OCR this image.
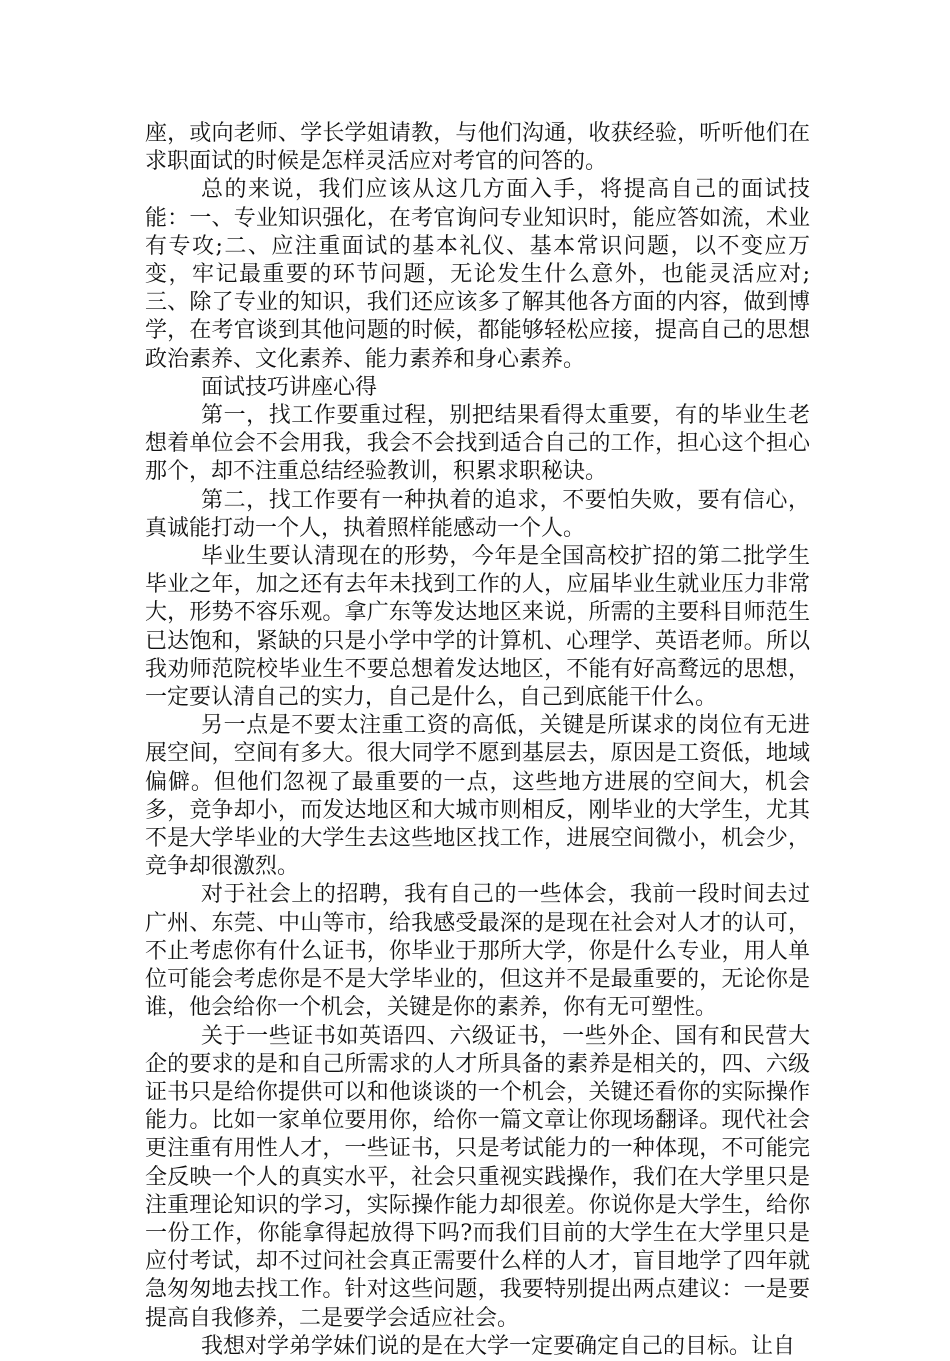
座，或向老师、学长学姐请教，与他们沟通，收获经验，听听他们在求职面试的时候是怎样灵活应对考官的问答的。

总的来说，我们应该从这几方面入手，将提高自己的面试技能：一、专业知识强化，在考官询问专业知识时，能应答如流，术业有专攻;二、应注重面试的基本礼仪、基本常识问题，以不变应万变，牢记最重要的环节问题，无论发生什么意外，也能灵活应对;三、除了专业的知识，我们还应该多了解其他各方面的内容，做到博学，在考官谈到其他问题的时候，都能够轻松应接，提高自己的思想政治素养、文化素养、能力素养和身心素养。

面试技巧讲座心得

第一，找工作要重过程，别把结果看得太重要，有的毕业生老想着单位会不会用我，我会不会找到适合自己的工作，担心这个担心那个，却不注重总结经验教训，积累求职秘诀。

第二，找工作要有一种执着的追求，不要怕失败，要有信心，真诚能打动一个人，执着照样能感动一个人。

毕业生要认清现在的形势，今年是全国高校扩招的第二批学生毕业之年，加之还有去年未找到工作的人，应届毕业生就业压力非常大，形势不容乐观。拿广东等发达地区来说，所需的主要科目师范生已达饱和，紧缺的只是小学中学的计算机、心理学、英语老师。所以我劝师范院校毕业生不要总想着发达地区，不能有好高鹜远的思想，一定要认清自己的实力，自己是什么，自己到底能干什么。

另一点是不要太注重工资的高低，关键是所谋求的岗位有无进展空间，空间有多大。很大同学不愿到基层去，原因是工资低，地域偏僻。但他们忽视了最重要的一点，这些地方进展的空间大，机会多，竞争却小，而发达地区和大城市则相反，刚毕业的大学生，尤其不是大学毕业的大学生去这些地区找工作，进展空间微小，机会少，竞争却很激烈。

对于社会上的招聘，我有自己的一些体会，我前一段时间去过广州、东莞、中山等市，给我感受最深的是现在社会对人才的认可，不止考虑你有什么证书，你毕业于那所大学，你是什么专业，用人单位可能会考虑你是不是大学毕业的，但这并不是最重要的，无论你是谁，他会给你一个机会，关键是你的素养，你有无可塑性。

关于一些证书如英语四、六级证书，一些外企、国有和民营大企的要求的是和自己所需求的人才所具备的素养是相关的，四、六级证书只是给你提供可以和他谈谈的一个机会，关键还看你的实际操作能力。比如一家单位要用你，给你一篇文章让你现场翻译。现代社会更注重有用性人才，一些证书，只是考试能力的一种体现，不可能完全反映一个人的真实水平，社会只重视实践操作，我们在大学里只是注重理论知识的学习，实际操作能力却很差。你说你是大学生，给你一份工作，你能拿得起放得下吗?而我们目前的大学生在大学里只是应付考试，却不过问社会真正需要什么样的人才，盲目地学了四年就急匆匆地去找工作。针对这些问题，我要特别提出两点建议：一是要提高自我修养，二是要学会适应社会。

我想对学弟学妹们说的是在大学一定要确定自己的目标。让自
